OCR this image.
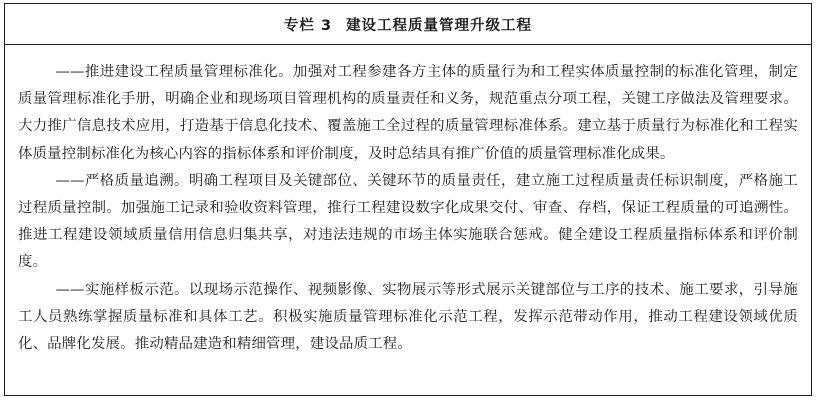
专栏 3 建设工程质量管理升级工程

——推进建设工程质量管理标准化。加强对工程参建各方主体的质量行为和工程实体质量控制的标准化管理，制定质量管理标准化手册，明确企业和现场项目管理机构的质量责任和义务，规范重点分项工程，关键工序做法及管理要求。大力推广信息技术应用，打造基于信息化技术、覆盖施工全过程的质量管理标准体系。建立基于质量行为标准化和工程实体质量控制标准化为核心内容的指标体系和评价制度，及时总结具有推广价值的质量管理标准化成果。

——严格质量追溯。明确工程项目及关键部位、关键环节的质量责任，建立施工过程质量责任标识制度，严格施工过程质量控制。加强施工记录和验收资料管理，推行工程建设数字化成果交付、审查、存档，保证工程质量的可追溯性。推进工程建设领域质量信用信息归集共享，对违法违规的市场主体实施联合惩戒。健全建设工程质量指标体系和评价制度。

——实施样板示范。以现场示范操作、视频影像、实物展示等形式展示关键部位与工序的技术、施工要求，引导施工人员熟练掌握质量标准和具体工艺。积极实施质量管理标准化示范工程，发挥示范带动作用，推动工程建设领域优质化、品牌化发展。推动精品建造和精细管理，建设品质工程。
